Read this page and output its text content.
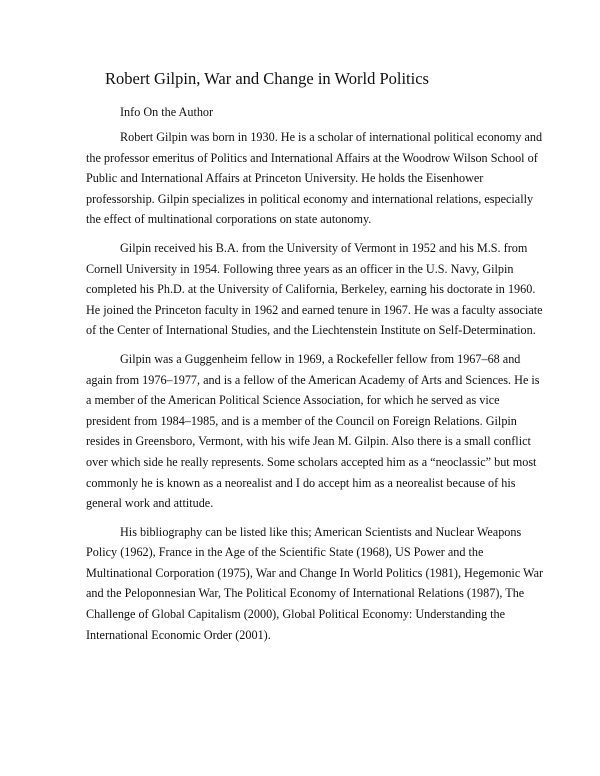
Robert Gilpin, War and Change in World Politics

Info On the Author

Robert Gilpin was born in 1930. He is a scholar of international political economy and
the professor emeritus of Politics and International Affairs at the Woodrow Wilson School of
Public and International Affairs at Princeton University. He holds the Eisenhower
professorship. Gilpin specializes in political economy and international relations, especially
the effect of multinational corporations on state autonomy.

Gilpin received his B.A. from the University of Vermont in 1952 and his M.S. from
Cornell University in 1954. Following three years as an officer in the U.S. Navy, Gilpin
completed his Ph.D. at the University of California, Berkeley, earning his doctorate in 1960.
He joined the Princeton faculty in 1962 and earned tenure in 1967. He was a faculty associate
of the Center of International Studies, and the Liechtenstein Institute on Self-Determination.

Gilpin was a Guggenheim fellow in 1969, a Rockefeller fellow from 1967–68 and
again from 1976–1977, and is a fellow of the American Academy of Arts and Sciences. He is
a member of the American Political Science Association, for which he served as vice
president from 1984–1985, and is a member of the Council on Foreign Relations. Gilpin
resides in Greensboro, Vermont, with his wife Jean M. Gilpin. Also there is a small conflict
over which side he really represents. Some scholars accepted him as a “neoclassic” but most
commonly he is known as a neorealist and I do accept him as a neorealist because of his
general work and attitude.

His bibliography can be listed like this; American Scientists and Nuclear Weapons
Policy (1962), France in the Age of the Scientific State (1968), US Power and the
Multinational Corporation (1975), War and Change In World Politics (1981), Hegemonic War
and the Peloponnesian War, The Political Economy of International Relations (1987), The
Challenge of Global Capitalism (2000), Global Political Economy: Understanding the
International Economic Order (2001).
